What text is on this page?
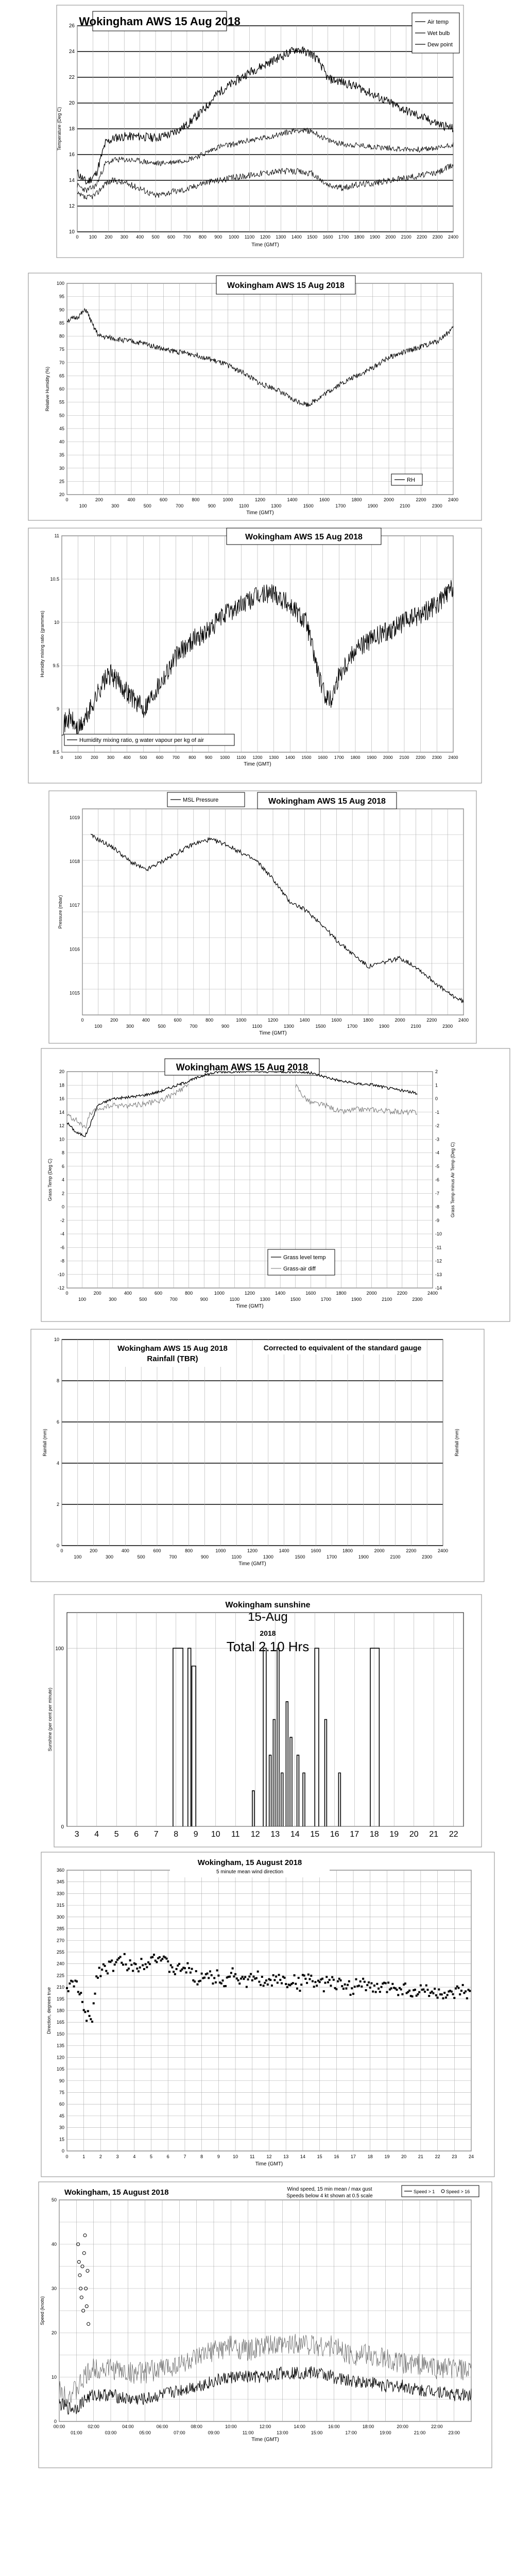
10
12
14
16
18
20
22
24
26
0 100 200 300 400 500 600 700 800 900 1000 1100 1200 1300 1400 1500 1600 1700 1800 1900 2000 2100 2200 2300 2400
Time (GMT)
Temperature (Deg C)
Wokingham AWS 15 Aug 2018	Air temp
Wet bulb
Dew point
20
25
30
35
40
45
50
55
60
65
70
75
80
85
90
95
100
0	200	400	600	800	1000	1200	1400	1600	1800	2000	2200	2400
100	300	500	700	900	1100	1300	1500	1700	1900	2100	2300
Time (GMT)
Relative Humidity (%)
Wokingham AWS 15 Aug 2018
RH
8.5
9
9.5
10
10.5
11
0	100 200 300 400 500 600 700 800 900 1000 1100 1200 1300 1400 1500 1600 1700 1800 1900 2000 2100 2200 2300 2400
Time (GMT)
Humidity mixing ratio (grammes)
Wokingham AWS 15 Aug 2018
Humidity mixing ratio, g water vapour per kg of air
1015
1016
1017
1018
1019
0	200	400	600	800	1000	1200	1400	1600	1800	2000	2200	2400
100	300	500	700	900	1100	1300	1500	1700	1900	2100	2300
Time (GMT)
Pressure (mbar)
Wokingham AWS 15 Aug 2018
MSL Pressure
-12
-10
-8
-6
-4
-2
0
2
4
6
8
10
12
14
16
18
20
-14
-13
-12
-11
-10
-9
-8
-7
-6
-5
-4
-3
-2
-1
0
1
2
0	200	400	600	800	1000	1200	1400	1600	1800	2000	2200	2400
100	300	500	700	900	1100	1300	1500	1700	1900	2100	2300
Time (GMT)
Grass Temp (Deg C)	Grass Temp minus Air Temp (Deg C)
Wokingham AWS 15 Aug 2018
Grass level temp
Grass-air diff
0
2
4
6
8
10
0	200	400	600	800	1000	1200	1400	1600	1800	2000	2200	2400
100	300	500	700	900	1100	1300	1500	1700	1900	2100	2300
Time (GMT)
Rainfall (mm)	Rainfall (mm)
Wokingham AWS 15 Aug 2018
Rainfall (TBR)
Corrected to equivalent of the standard gauge
3 4 5 6 7 8 9 10 11 12 13 14 15 16 17 18 19 20 21 22
0
100
Sunshine (per cent per minute)
Wokingham sunshine
15-Aug
2018
Total 2.10 Hrs
0
15
30
45
60
75
90
105
120
135
150
165
180
195
210
225
240
255
270
285
300
315
330
345
360
0	1	2	3	4	5	6	7	8	9	10	11	12	13	14	15	16	17	18	19	20	21	22	23	24
Time (GMT)
Direction, degrees true
Wokingham, 15 August 2018
5 minute mean wind direction
0
10
20
30
40
50
00:00	02:00	04:00	06:00	08:00	10:00	12:00	14:00	16:00	18:00	20:00	22:00
01:00	03:00	05:00	07:00	09:00	11:00	13:00	15:00	17:00	19:00	21:00	23:00
Time (GMT)
Speed (knots)
Wokingham, 15 August 2018	Wind speed, 15 min mean / max gust
Speeds below 4 kt shown at 0.5 scale
Speed > 1 Speed > 16
